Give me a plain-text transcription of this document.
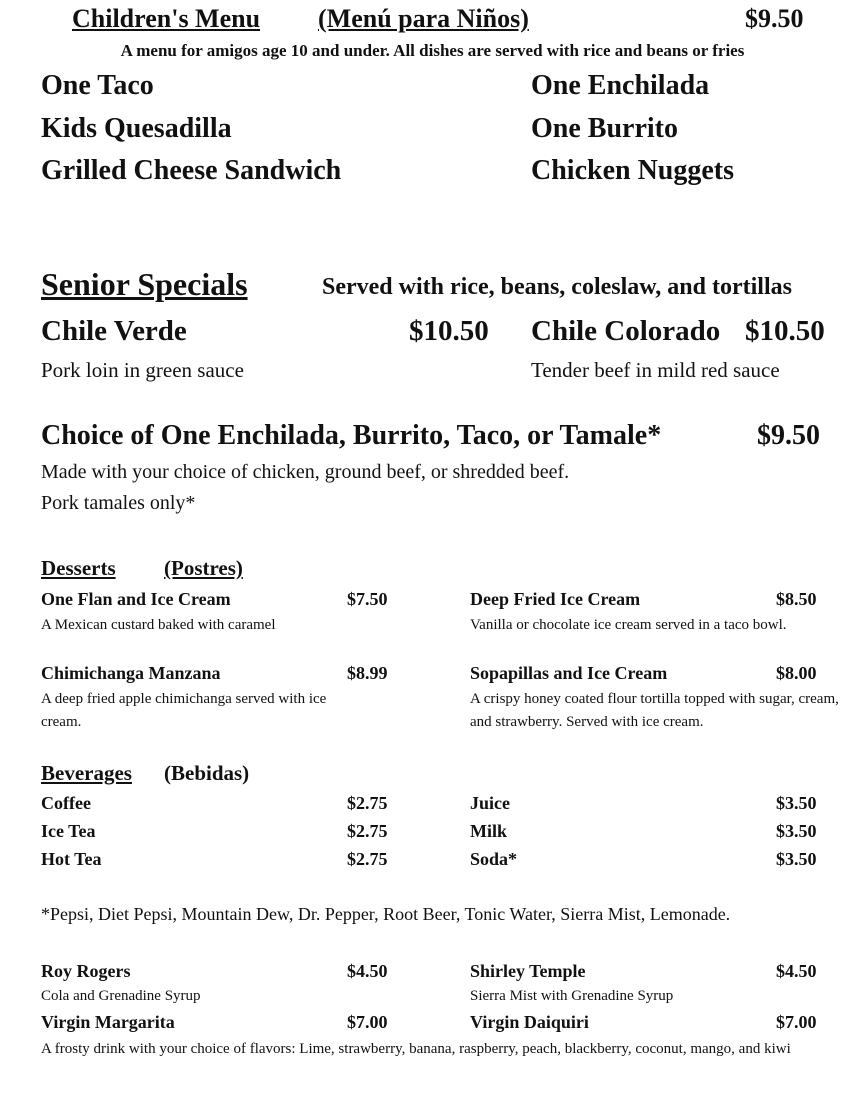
Children's Menu (Menú para Niños)	$9.50
A menu for amigos age 10 and under. All dishes are served with rice and beans or fries
One Taco
Kids Quesadilla
Grilled Cheese Sandwich
One Enchilada
One Burrito
Chicken Nuggets
Senior Specials	Served with rice, beans, coleslaw, and tortillas
Chile Verde	$10.50 Chile Colorado $10.50
Pork loin in green sauce	Tender beef in mild red sauce
Choice of One Enchilada, Burrito, Taco, or Tamale*	$9.50
Made with your choice of chicken, ground beef, or shredded beef.
Pork tamales only*
Desserts (Postres)
One Flan and Ice Cream	$7.50
A Mexican custard baked with caramel
Deep Fried Ice Cream	$8.50
Vanilla or chocolate ice cream served in a taco bowl.
Chimichanga Manzana	$8.99
A deep fried apple chimichanga served with ice cream.
Sopapillas and Ice Cream	$8.00
A crispy honey coated flour tortilla topped with sugar, cream, and strawberry. Served with ice cream.
Beverages (Bebidas)
Coffee	$2.75
Ice Tea	$2.75
Hot Tea	$2.75
Juice	$3.50
Milk	$3.50
Soda*	$3.50
*Pepsi, Diet Pepsi, Mountain Dew, Dr. Pepper, Root Beer, Tonic Water, Sierra Mist, Lemonade.
Roy Rogers	$4.50
Cola and Grenadine Syrup
Shirley Temple	$4.50
Sierra Mist with Grenadine Syrup
Virgin Margarita	$7.00	Virgin Daiquiri	$7.00
A frosty drink with your choice of flavors: Lime, strawberry, banana, raspberry, peach, blackberry, coconut, mango, and kiwi
